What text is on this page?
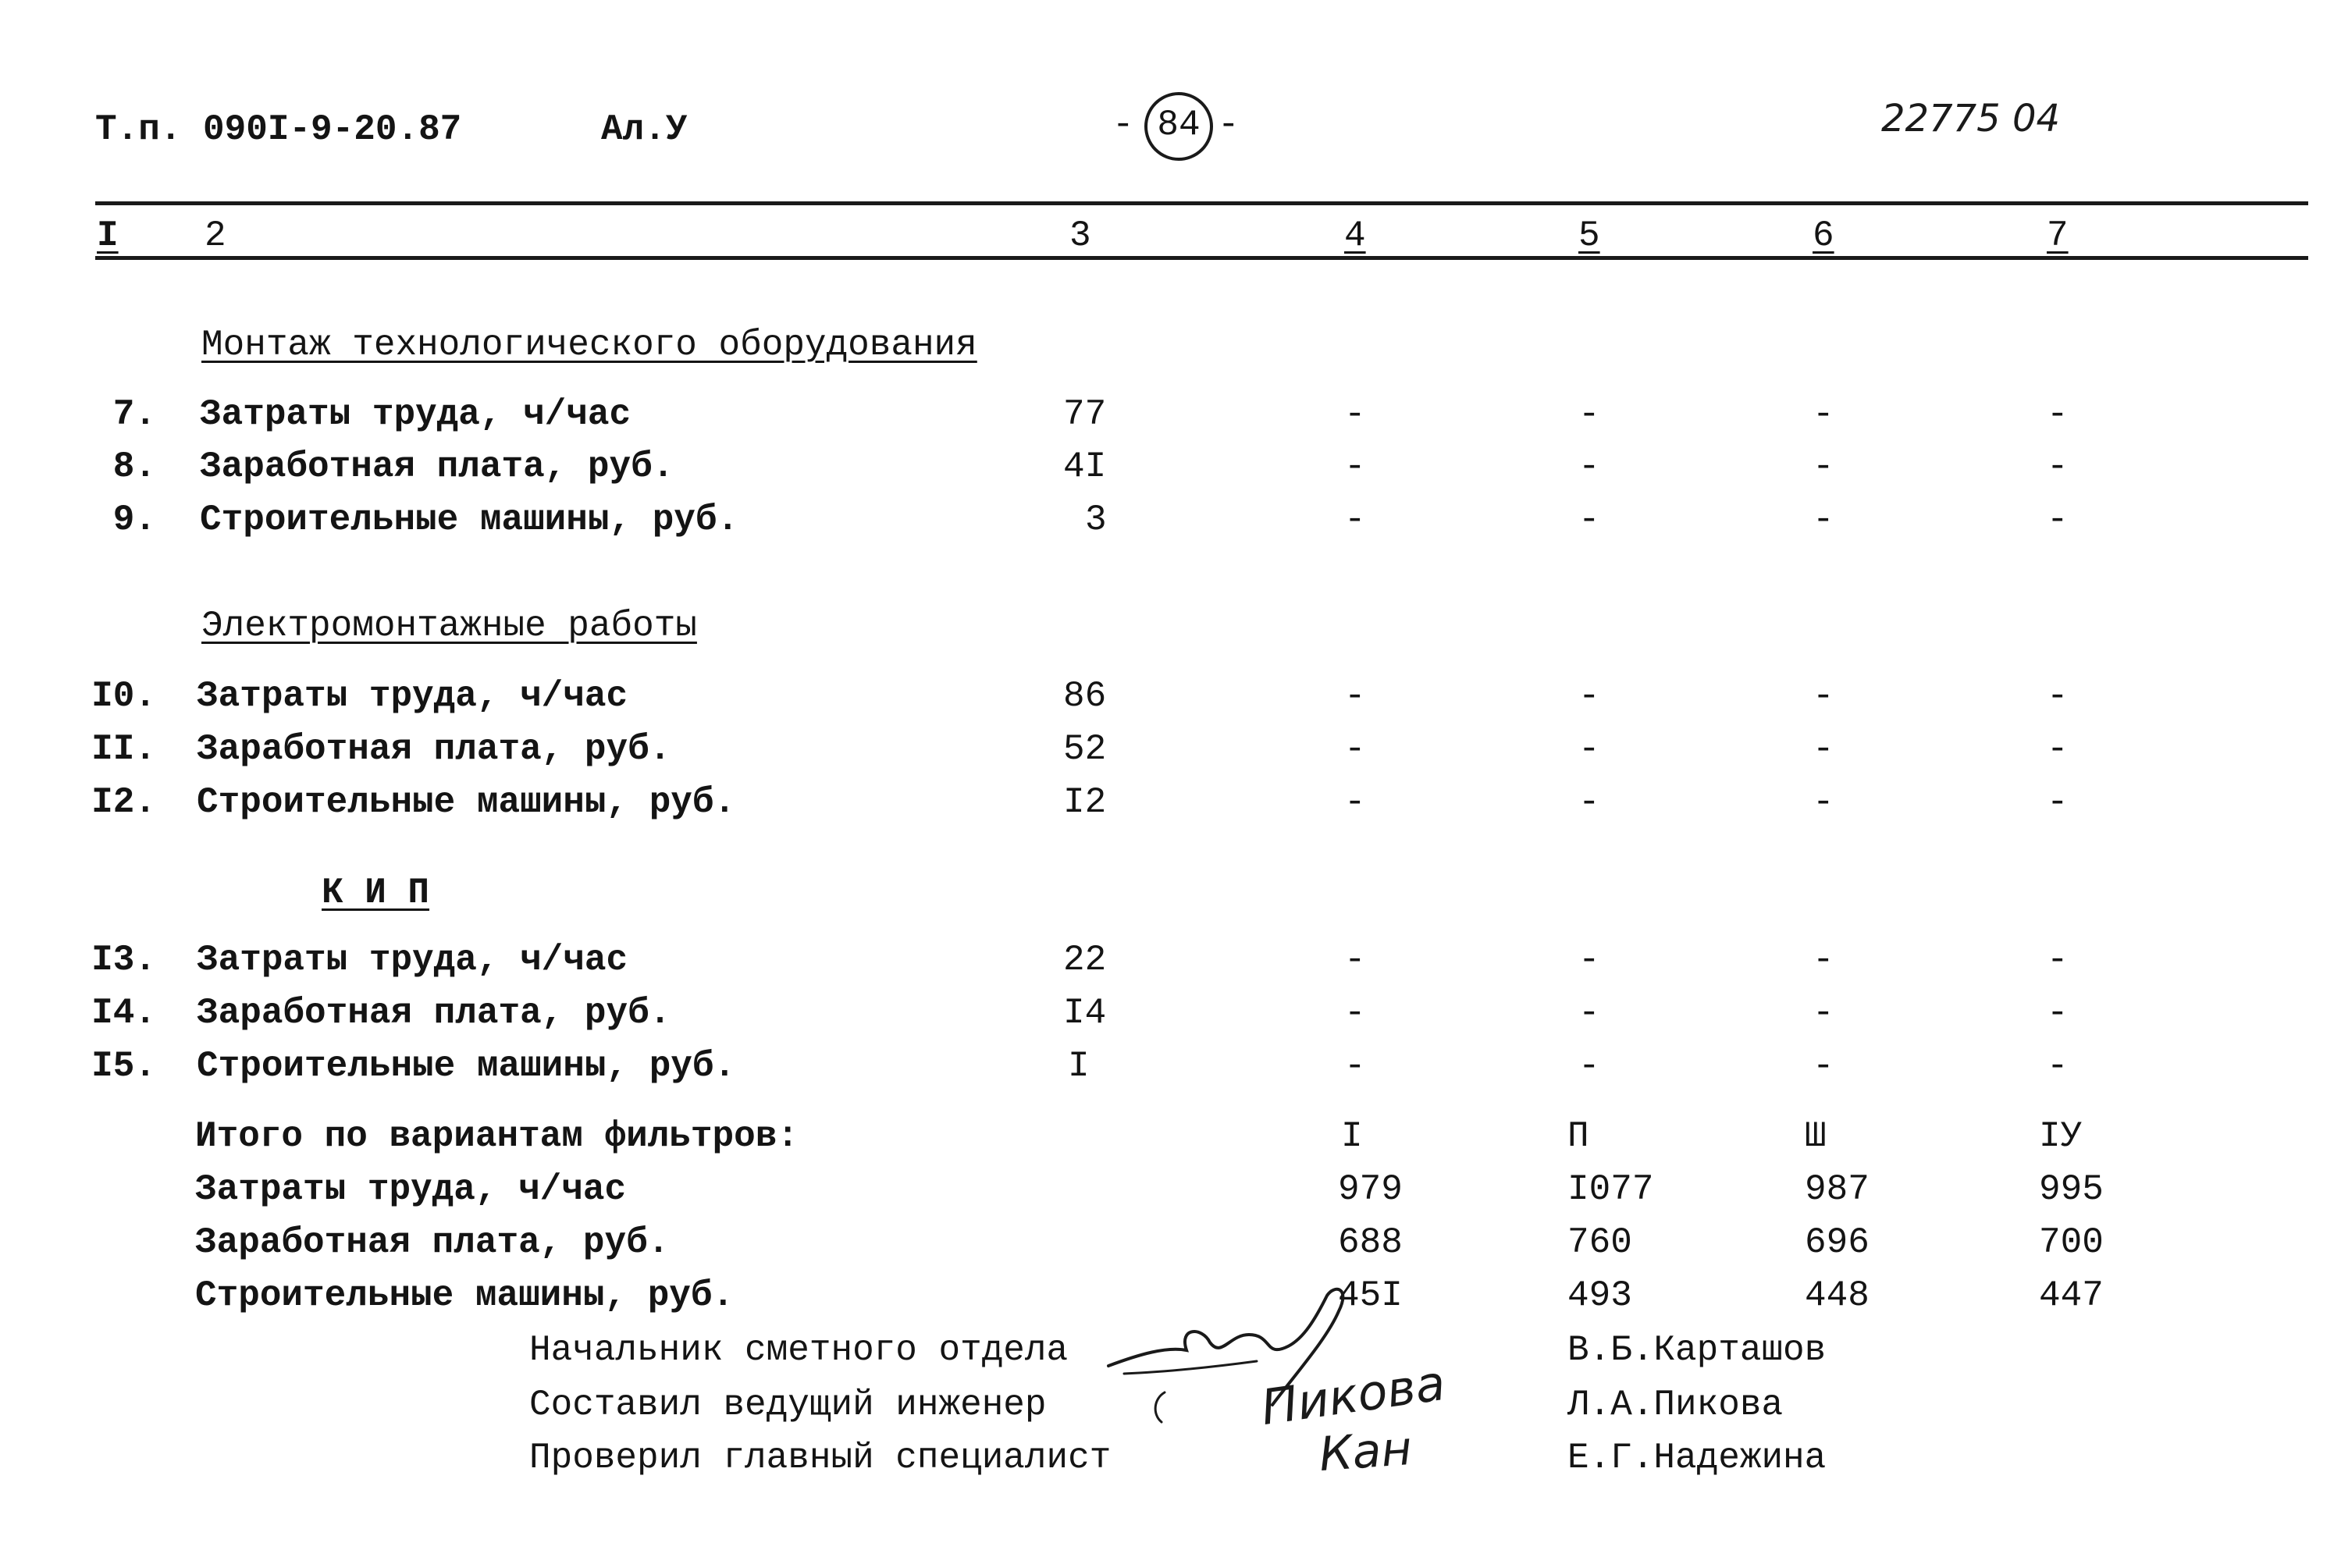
Т.п. 090I-9-20.87	Ал.У	- 84 -	22775 04
I 2	3	4	5	6	7
Монтаж технологического оборудования
7. Затраты труда, ч/час	77	-	-	-	-
8. Заработная плата, руб.	4I	-	-	-	-
9. Строительные машины, руб.	3	-	-	-	-
Электромонтажные работы
I0. Затраты труда, ч/час	86	-	-	-	-
II. Заработная плата, руб.	52	-	-	-	-
I2. Строительные машины, руб.	I2	-	-	-	-
К И П
I3. Затраты труда, ч/час	22	-	-	-	-
I4. Заработная плата, руб.	I4	-	-	-	-
I5. Строительные машины, руб.	I	-	-	-	-
Итого по вариантам фильтров:	I	П	Ш	IУ
Затраты труда, ч/час	979	I077	987	995
Заработная плата, руб.	688	760	696	700
Строительные машины, руб.	45I	493	448	447
Начальник сметного отдела	В.Б.Карташов
Составил ведущий инженер	Л.А.Пикова
Проверил главный специалист	Е.Г.Надежина
Пикова
Кан
